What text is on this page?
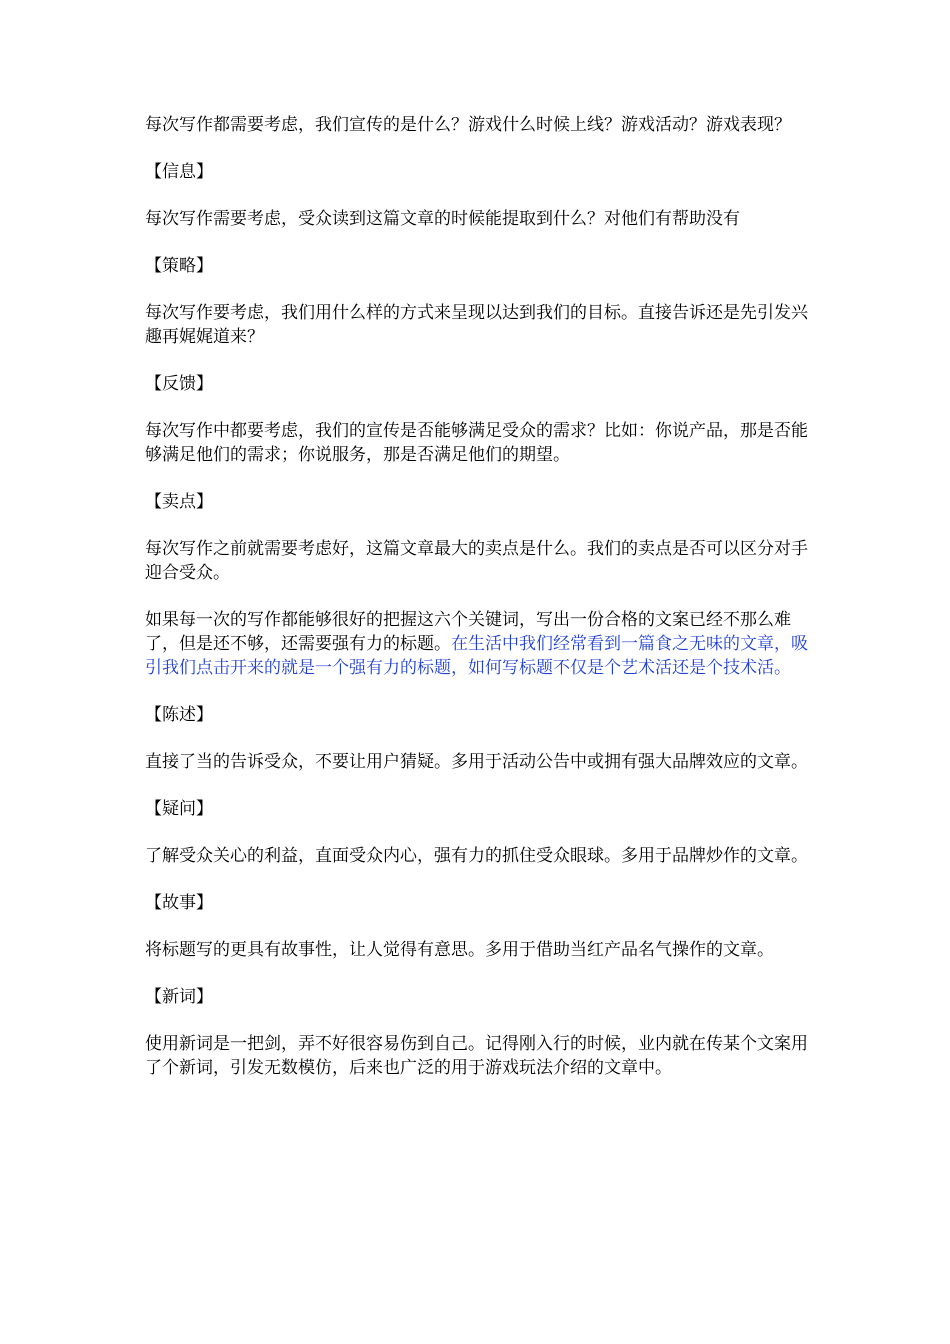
每次写作都需要考虑，我们宣传的是什么？游戏什么时候上线？游戏活动？游戏表现？

【信息】

每次写作需要考虑，受众读到这篇文章的时候能提取到什么？对他们有帮助没有

【策略】

每次写作要考虑，我们用什么样的方式来呈现以达到我们的目标。直接告诉还是先引发兴趣再娓娓道来？

【反馈】

每次写作中都要考虑，我们的宣传是否能够满足受众的需求？比如：你说产品，那是否能够满足他们的需求；你说服务，那是否满足他们的期望。

【卖点】

每次写作之前就需要考虑好，这篇文章最大的卖点是什么。我们的卖点是否可以区分对手迎合受众。

如果每一次的写作都能够很好的把握这六个关键词，写出一份合格的文案已经不那么难了，但是还不够，还需要强有力的标题。在生活中我们经常看到一篇食之无味的文章，吸引我们点击开来的就是一个强有力的标题，如何写标题不仅是个艺术活还是个技术活。

【陈述】

直接了当的告诉受众，不要让用户猜疑。多用于活动公告中或拥有强大品牌效应的文章。

【疑问】

了解受众关心的利益，直面受众内心，强有力的抓住受众眼球。多用于品牌炒作的文章。

【故事】

将标题写的更具有故事性，让人觉得有意思。多用于借助当红产品名气操作的文章。

【新词】

使用新词是一把剑，弄不好很容易伤到自己。记得刚入行的时候，业内就在传某个文案用了个新词，引发无数模仿，后来也广泛的用于游戏玩法介绍的文章中。
